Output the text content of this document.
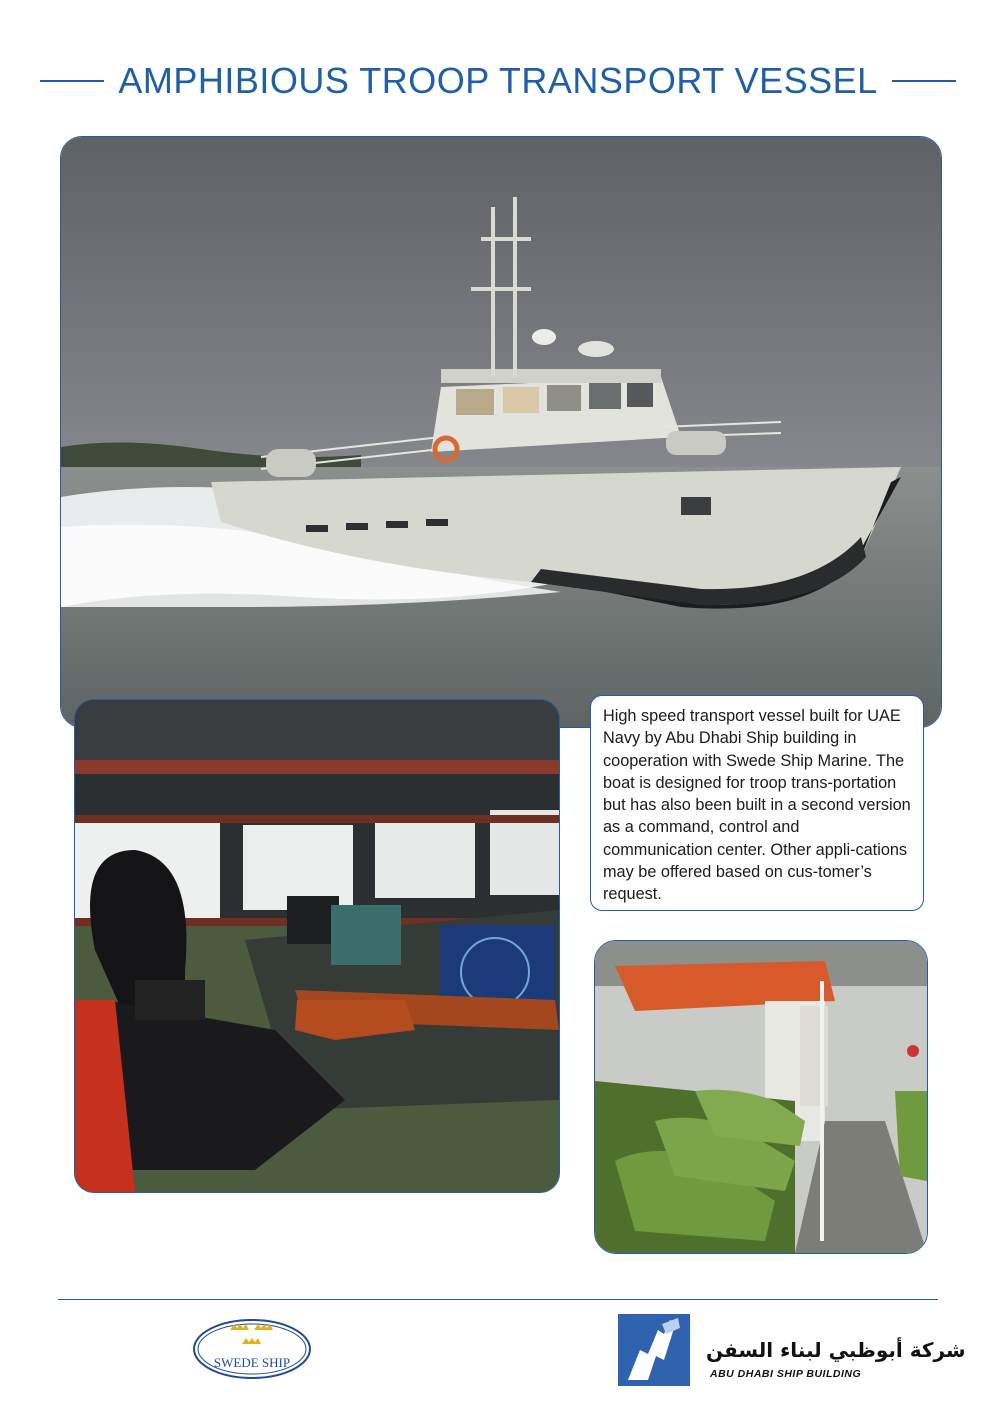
AMPHIBIOUS TROOP TRANSPORT VESSEL

High speed transport vessel built for UAE Navy by Abu Dhabi Ship building in cooperation with Swede Ship Marine. The boat is designed for troop trans-portation but has also been built in a second version as a command, control and communication center. Other appli-cations may be offered based on cus-tomer’s request.

SWEDE SHIP
شركة أبوظبي لبناء السفن
ABU DHABI SHIP BUILDING
